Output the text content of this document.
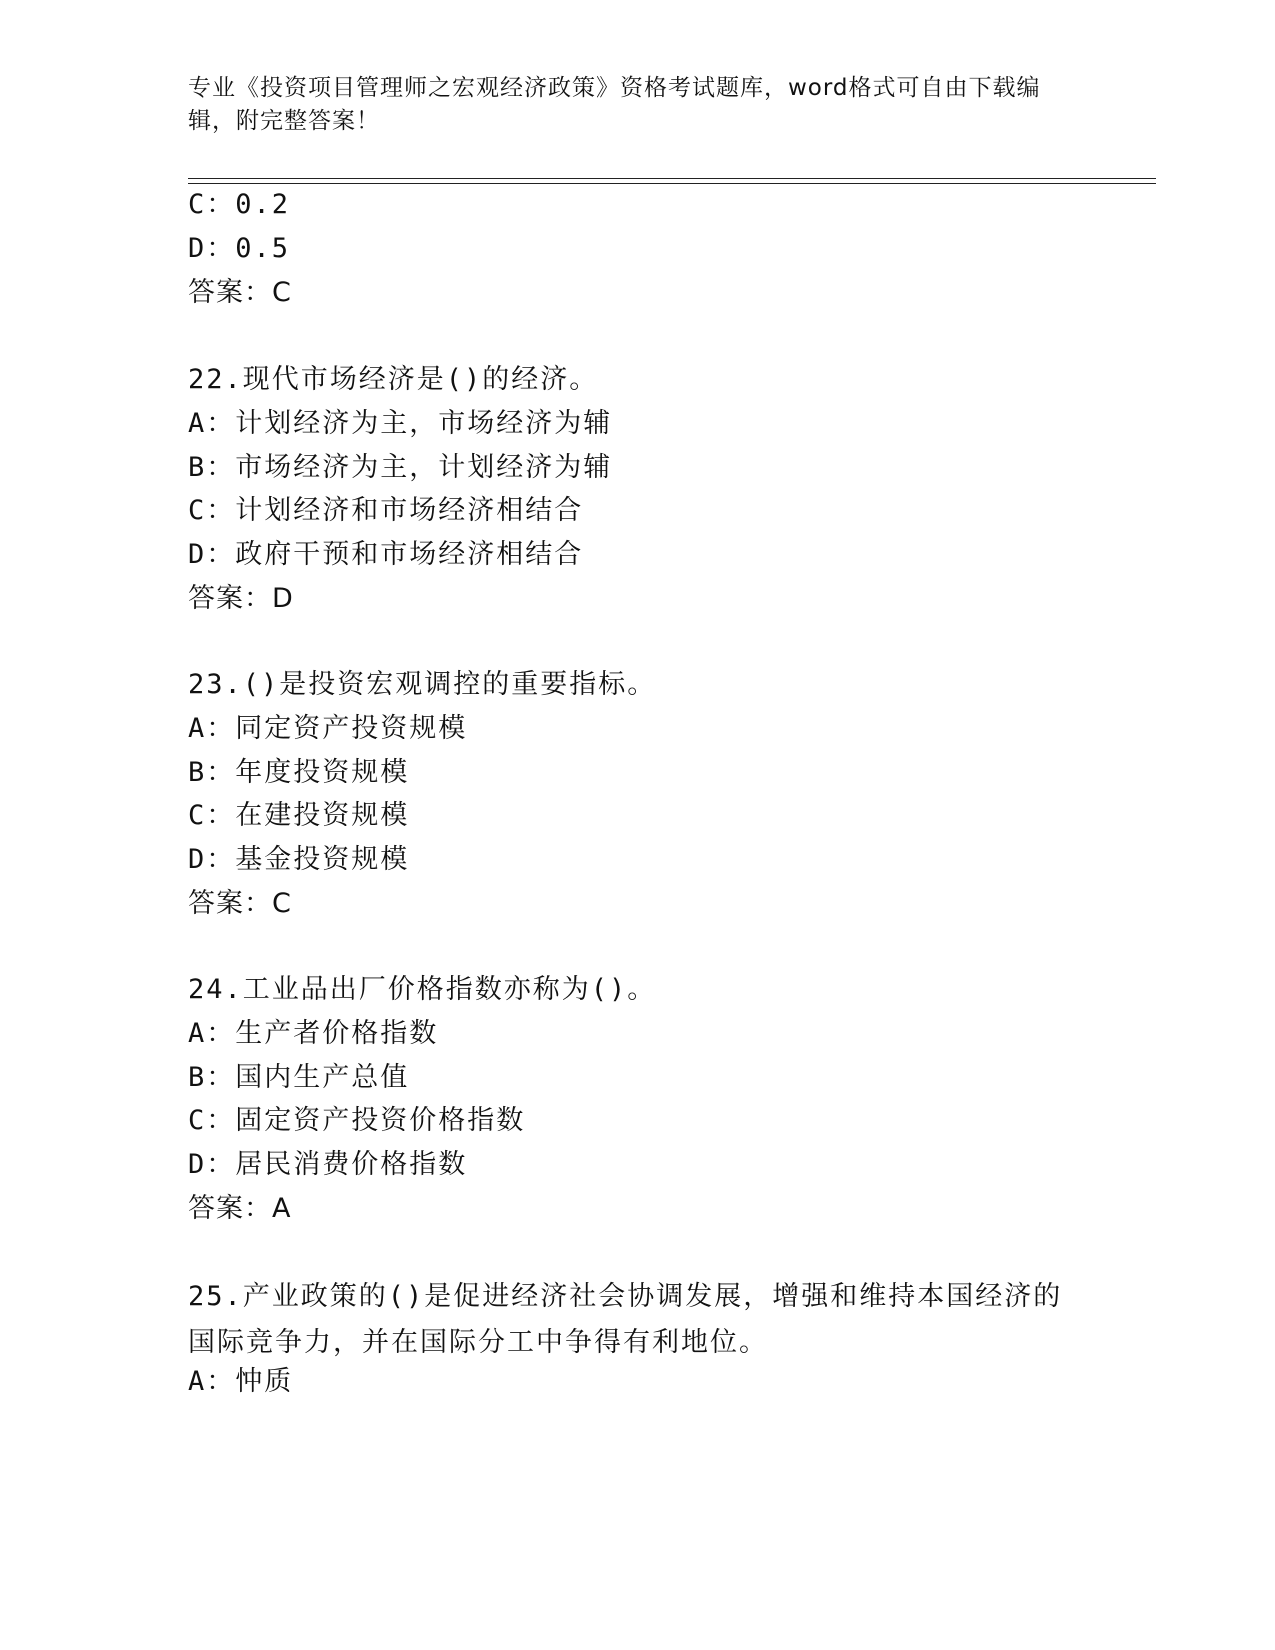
专业《投资项目管理师之宏观经济政策》资格考试题库，word格式可自由下载编辑，附完整答案！
C：0.2
D：0.5
答案：C
22.现代市场经济是()的经济。
A：计划经济为主，市场经济为辅
B：市场经济为主，计划经济为辅
C：计划经济和市场经济相结合
D：政府干预和市场经济相结合
答案：D
23.()是投资宏观调控的重要指标。
A：同定资产投资规模
B：年度投资规模
C：在建投资规模
D：基金投资规模
答案：C
24.工业品出厂价格指数亦称为()。
A：生产者价格指数
B：国内生产总值
C：固定资产投资价格指数
D：居民消费价格指数
答案：A
25.产业政策的()是促进经济社会协调发展，增强和维持本国经济的国际竞争力，并在国际分工中争得有利地位。
A：忡质
